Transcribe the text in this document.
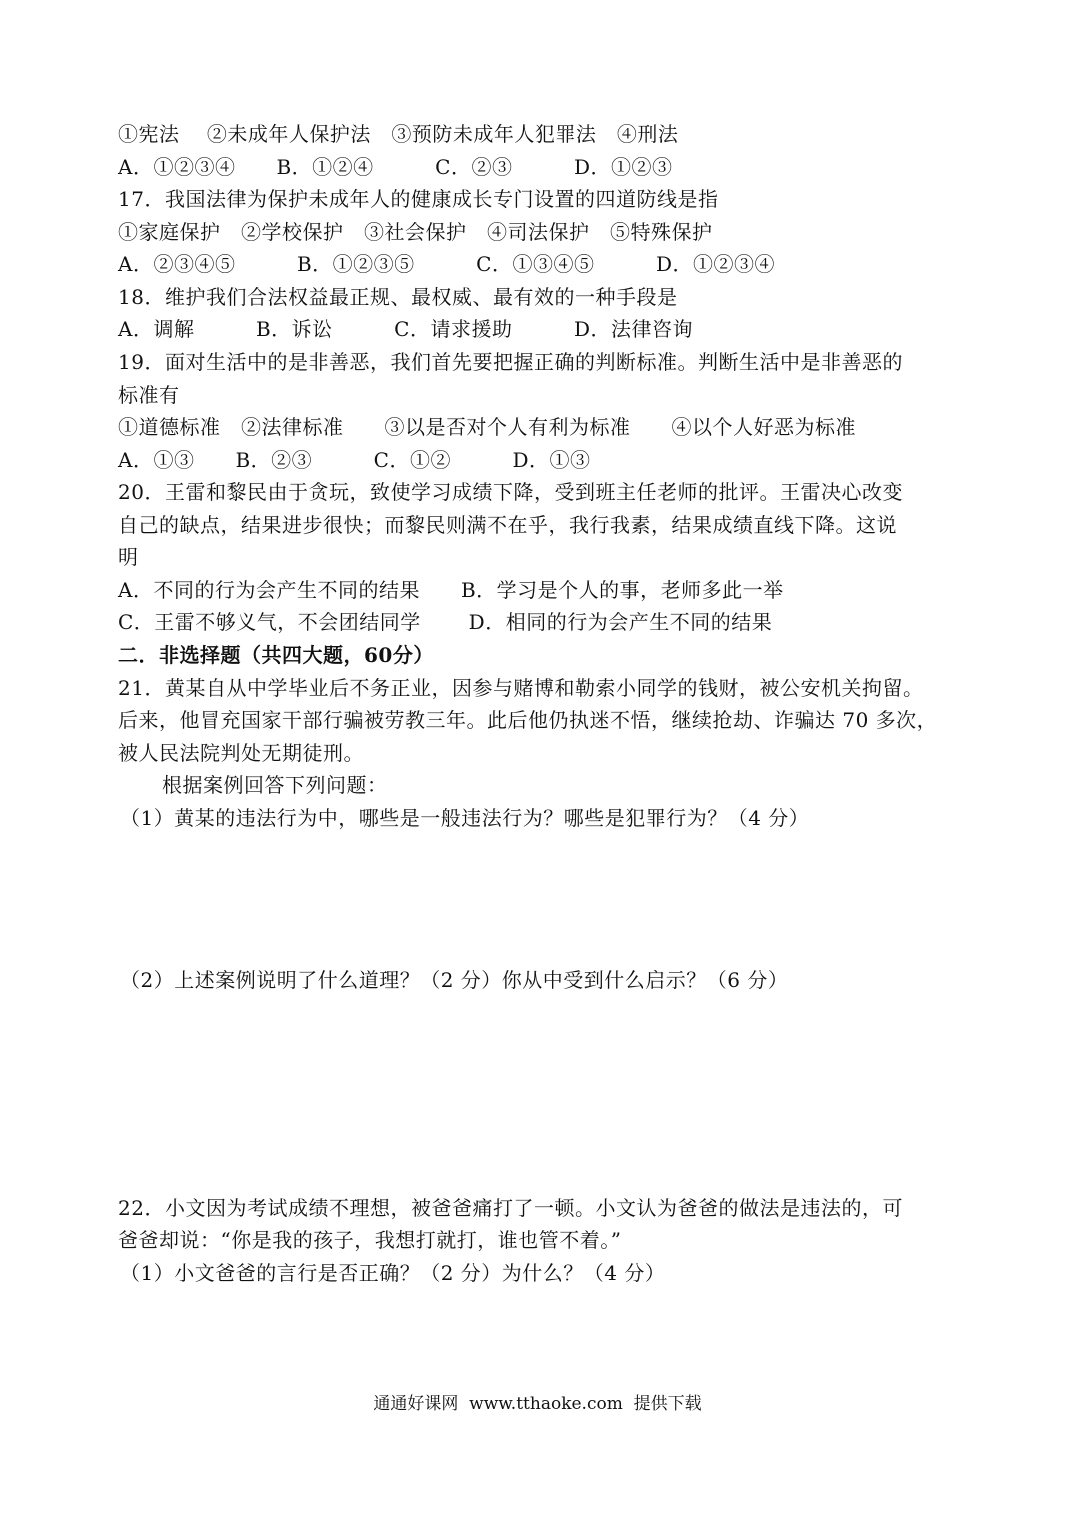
①宪法　 ②未成年人保护法　③预防未成年人犯罪法　④刑法
A．①②③④　　B．①②④　　　C．②③　　　D．①②③
17．我国法律为保护未成年人的健康成长专门设置的四道防线是指
①家庭保护　②学校保护　③社会保护　④司法保护　⑤特殊保护
A．②③④⑤　　　B．①②③⑤　　　C．①③④⑤　　　D．①②③④
18．维护我们合法权益最正规、最权威、最有效的一种手段是
A．调解　　　B．诉讼　　　C．请求援助　　　D．法律咨询
19．面对生活中的是非善恶，我们首先要把握正确的判断标准。判断生活中是非善恶的
标准有
①道德标准　②法律标准　　③以是否对个人有利为标准　　④以个人好恶为标准
A．①③　　B．②③　　　C．①②　　　D．①③
20．王雷和黎民由于贪玩，致使学习成绩下降，受到班主任老师的批评。王雷决心改变
自己的缺点，结果进步很快；而黎民则满不在乎，我行我素，结果成绩直线下降。这说
明
A．不同的行为会产生不同的结果　　B．学习是个人的事，老师多此一举
C．王雷不够义气，不会团结同学　　 D．相同的行为会产生不同的结果
二．非选择题（共四大题，60分）
21．黄某自从中学毕业后不务正业，因参与赌博和勒索小同学的钱财，被公安机关拘留。
后来，他冒充国家干部行骗被劳教三年。此后他仍执迷不悟，继续抢劫、诈骗达 70 多次，
被人民法院判处无期徒刑。
根据案例回答下列问题：
（1）黄某的违法行为中，哪些是一般违法行为？哪些是犯罪行为？（4 分）
（2）上述案例说明了什么道理？（2 分）你从中受到什么启示？（6 分）
22．小文因为考试成绩不理想，被爸爸痛打了一顿。小文认为爸爸的做法是违法的，可
爸爸却说：“你是我的孩子，我想打就打，谁也管不着。”
（1）小文爸爸的言行是否正确？（2 分）为什么？（4 分）
通通好课网  www.tthaoke.com  提供下载
